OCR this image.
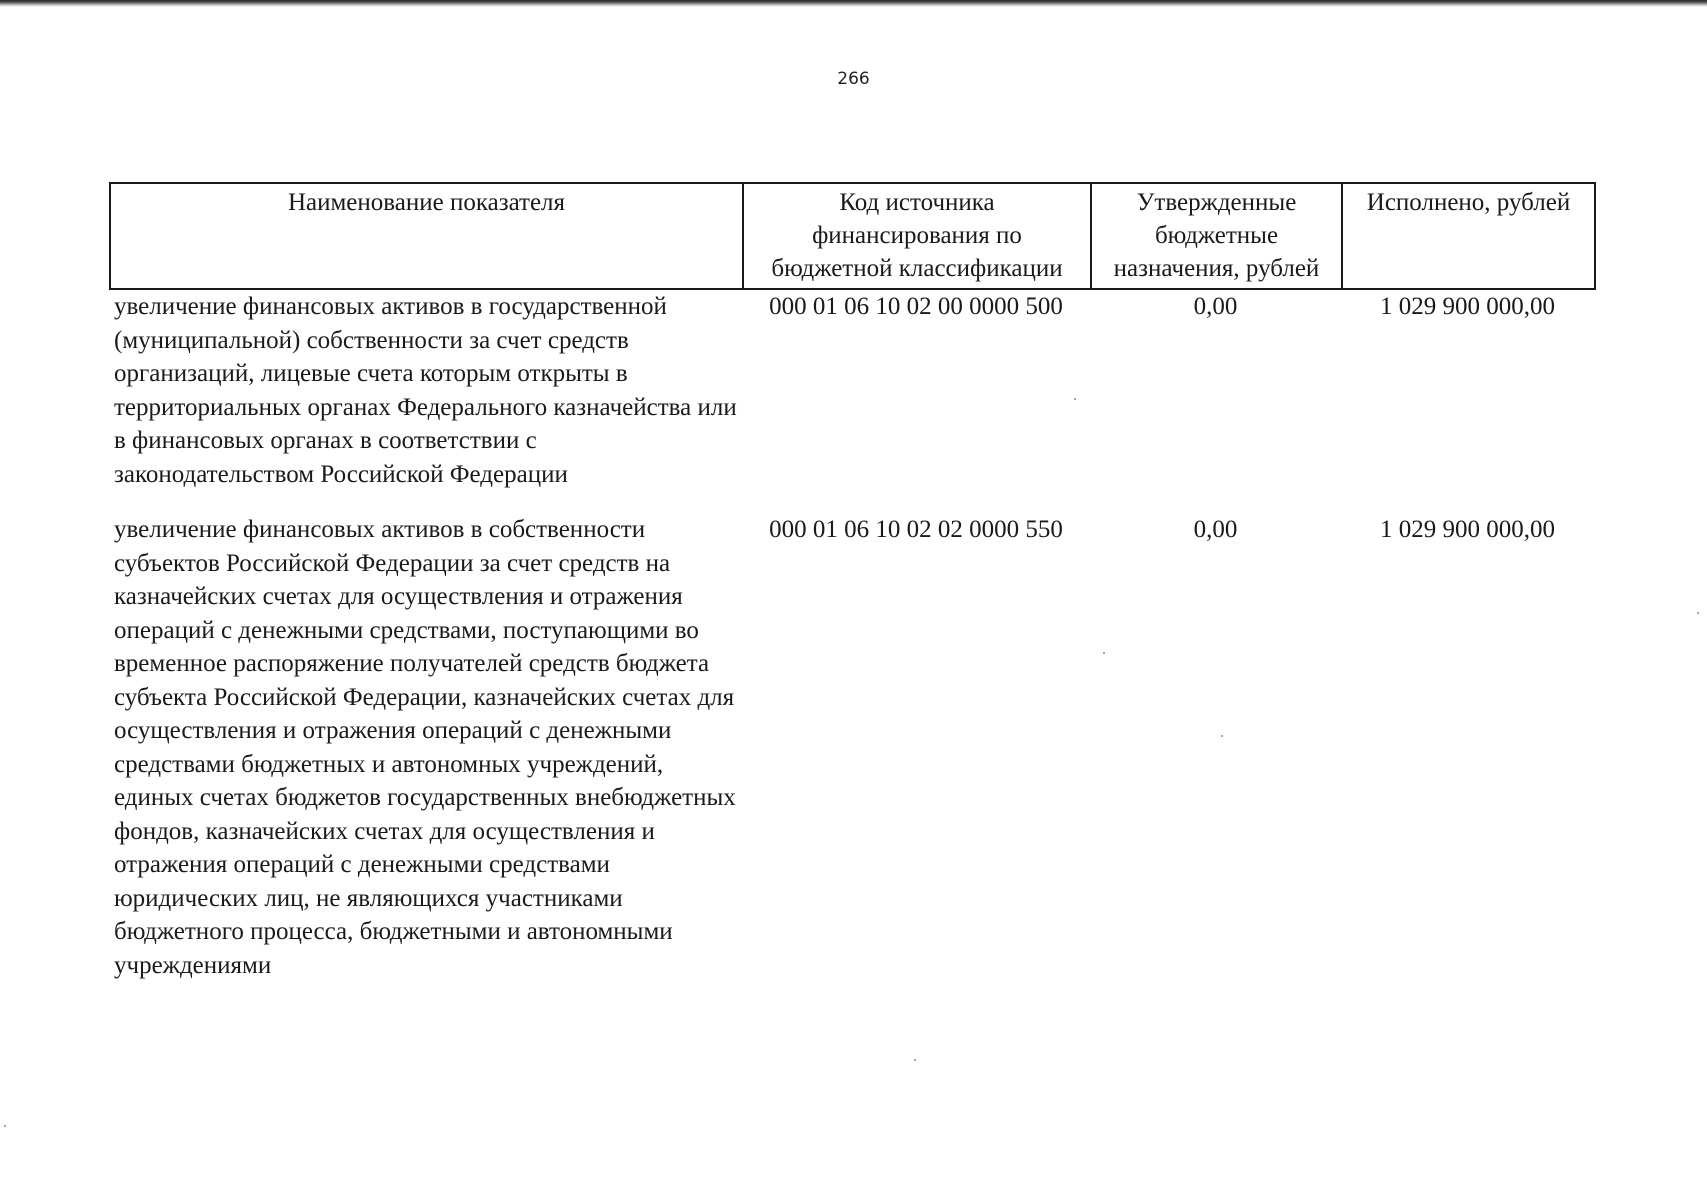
266
Наименование показателя	Код источника финансирования по бюджетной классификации	Утвержденные бюджетные назначения, рублей	Исполнено, рублей
увеличение финансовых активов в государственной (муниципальной) собственности за счет средств организаций, лицевые счета которым открыты в территориальных органах Федерального казначейства или в финансовых органах в соответствии с законодательством Российской Федерации	000 01 06 10 02 00 0000 500	0,00	1 029 900 000,00
увеличение финансовых активов в собственности субъектов Российской Федерации за счет средств на казначейских счетах для осуществления и отражения операций с денежными средствами, поступающими во временное распоряжение получателей средств бюджета субъекта Российской Федерации, казначейских счетах для осуществления и отражения операций с денежными средствами бюджетных и автономных учреждений, единых счетах бюджетов государственных внебюджетных фондов, казначейских счетах для осуществления и отражения операций с денежными средствами юридических лиц, не являющихся участниками бюджетного процесса, бюджетными и автономными учреждениями	000 01 06 10 02 02 0000 550	0,00	1 029 900 000,00
